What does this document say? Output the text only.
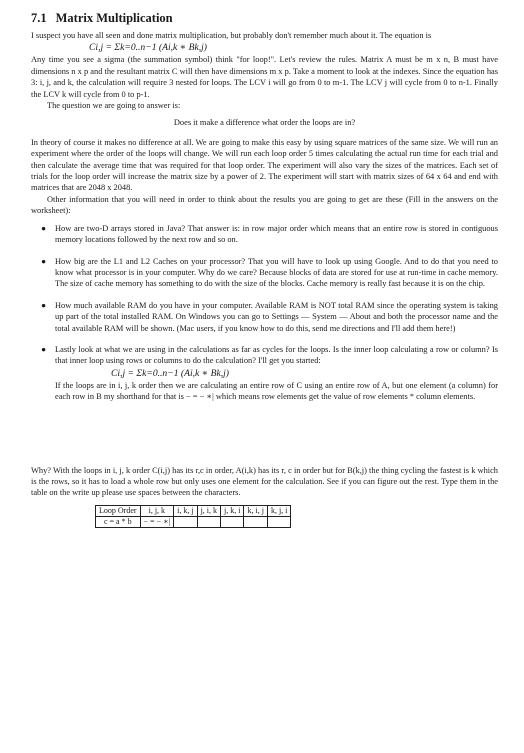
7.1 Matrix Multiplication

I suspect you have all seen and done matrix multiplication, but probably don't remember much about it. The equation is

Ci,j = Σk=0..n−1 (Ai,k ∗ Bk,j)

Any time you see a sigma (the summation symbol) think "for loop!". Let's review the rules. Matrix A must be m x n, B must have dimensions n x p and the resultant matrix C will then have dimensions m x p. Take a moment to look at the indexes. Since the equation has 3: i, j, and k, the calculation will require 3 nested for loops. The LCV i will go from 0 to m-1. The LCV j will cycle from 0 to n-1. Finally the LCV k will cycle from 0 to p-1.

The question we are going to answer is:

Does it make a difference what order the loops are in?

In theory of course it makes no difference at all. We are going to make this easy by using square matrices of the same size. We will run an experiment where the order of the loops will change. We will run each loop order 5 times calculating the actual run time for each trial and then calculate the average time that was required for that loop order. The experiment will also vary the sizes of the matrices. Each set of trials for the loop order will increase the matrix size by a power of 2. The experiment will start with matrix sizes of 64 x 64 and end with matrices that are 2048 x 2048.

Other information that you will need in order to think about the results you are going to get are these (Fill in the answers on the worksheet):

● How are two-D arrays stored in Java? That answer is: in row major order which means that an entire row is stored in contiguous memory locations followed by the next row and so on.

● How big are the L1 and L2 Caches on your processor? That you will have to look up using Google. And to do that you need to know what processor is in your computer. Why do we care? Because blocks of data are stored for use at run-time in cache memory. The size of cache memory has something to do with the size of the blocks. Cache memory is really fast because it is on the chip.

● How much available RAM do you have in your computer. Available RAM is NOT total RAM since the operating system is taking up part of the total installed RAM. On Windows you can go to Settings — System — About and both the processor name and the total available RAM will be shown. (Mac users, if you know how to do this, send me directions and I'll add them here!)

● Lastly look at what we are using in the calculations as far as cycles for the loops. Is the inner loop calculating a row or column? Is that inner loop using rows or columns to do the calculation? I'll get you started:

Ci,j = Σk=0..n−1 (Ai,k ∗ Bk,j)

If the loops are in i, j, k order then we are calculating an entire row of C using an entire row of A, but one element (a column) for each row in B my shorthand for that is − = − ∗| which means row elements get the value of row elements * column elements.

Why? With the loops in i, j, k order C(i,j) has its r,c in order, A(i,k) has its r, c in order but for B(k,j) the thing cycling the fastest is k which is the rows, so it has to load a whole row but only uses one element for the calculation. See if you can figure out the rest. Type them in the table on the write up please use spaces between the characters.

Loop Order	i, j, k	i, k, j	j, i, k	j, k, i	k, i, j	k, j, i
c = a * b	− = − ∗|					
